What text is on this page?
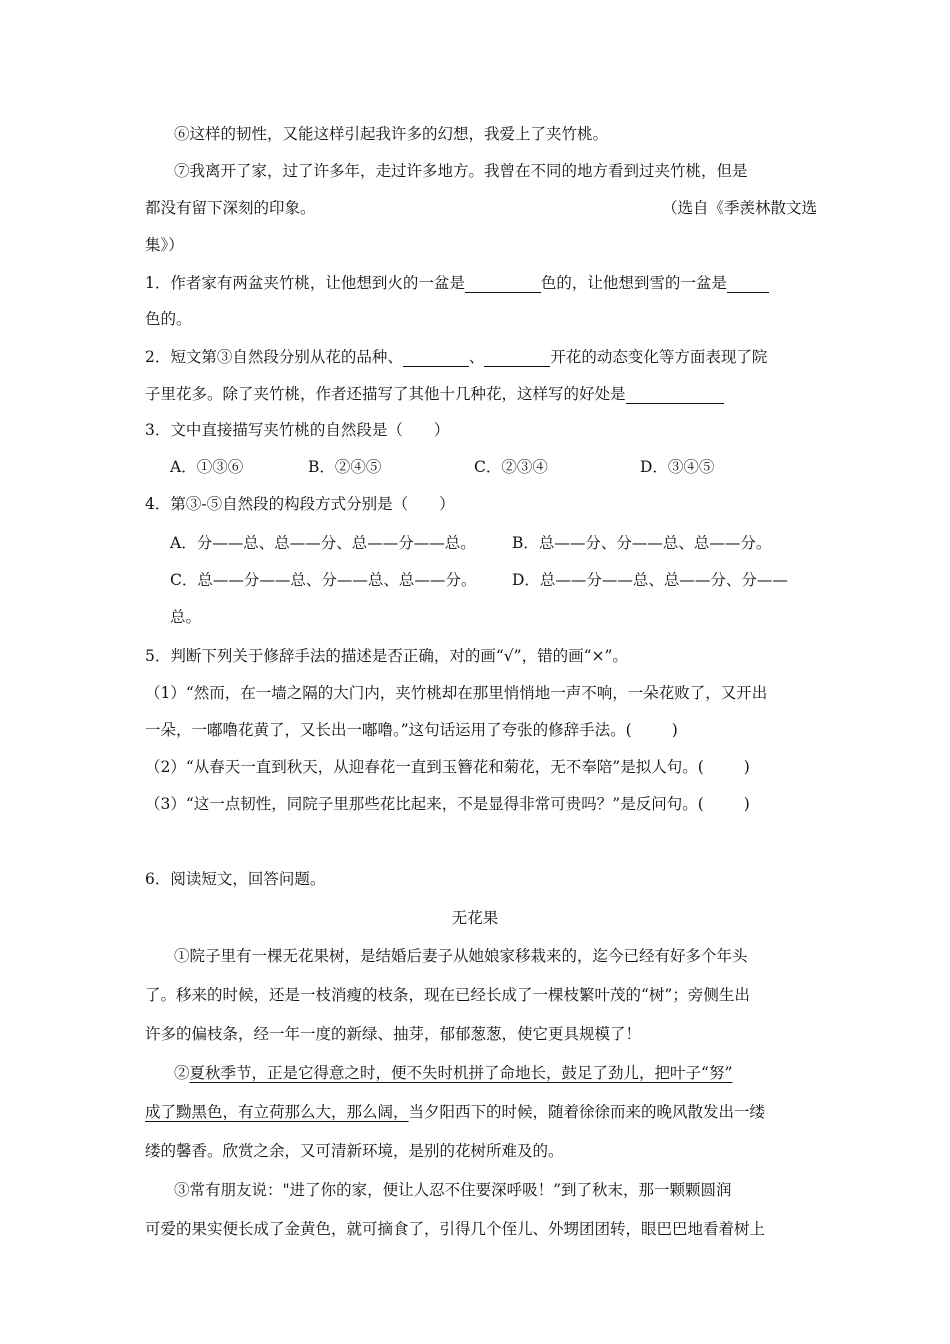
⑥这样的韧性，又能这样引起我许多的幻想，我爱上了夹竹桃。
⑦我离开了家，过了许多年，走过许多地方。我曾在不同的地方看到过夹竹桃，但是
都没有留下深刻的印象。	（选自《季羡林散文选
集》）
1．作者家有两盆夹竹桃，让他想到火的一盆是	色的，让他想到雪的一盆是
色的。
2．短文第③自然段分别从花的品种、	、	开花的动态变化等方面表现了院
子里花多。除了夹竹桃，作者还描写了其他十几种花，这样写的好处是
3．文中直接描写夹竹桃的自然段是（　　）
A．①③⑥	B．②④⑤	C．②③④	D．③④⑤
4．第③-⑤自然段的构段方式分别是（　　）
A．分——总、总——分、总——分——总。 B．总——分、分——总、总——分。
C．总——分——总、分——总、总——分。 D．总——分——总、总——分、分——
总。
5．判断下列关于修辞手法的描述是否正确，对的画“√”，错的画“×”。
（1）“然而，在一墙之隔的大门内，夹竹桃却在那里悄悄地一声不响，一朵花败了，又开出
一朵，一嘟噜花黄了，又长出一嘟噜。”这句话运用了夸张的修辞手法。(	)
（2）“从春天一直到秋天，从迎春花一直到玉簪花和菊花，无不奉陪”是拟人句。(	)
（3）“这一点韧性，同院子里那些花比起来，不是显得非常可贵吗？”是反问句。(	)
6．阅读短文，回答问题。
无花果
①院子里有一棵无花果树，是结婚后妻子从她娘家移栽来的，迄今已经有好多个年头
了。移来的时候，还是一枝消瘦的枝条，现在已经长成了一棵枝繁叶茂的“树”；旁侧生出
许多的偏枝条，经一年一度的新绿、抽芽，郁郁葱葱，使它更具规模了！
②夏秋季节，正是它得意之时，便不失时机拼了命地长，鼓足了劲儿，把叶子“努”
成了黝黑色，有立荷那么大，那么阔，当夕阳西下的时候，随着徐徐而来的晚风散发出一缕
缕的馨香。欣赏之余，又可清新环境，是别的花树所难及的。
③常有朋友说："进了你的家，便让人忍不住要深呼吸！”到了秋末，那一颗颗圆润
可爱的果实便长成了金黄色，就可摘食了，引得几个侄儿、外甥团团转，眼巴巴地看着树上
